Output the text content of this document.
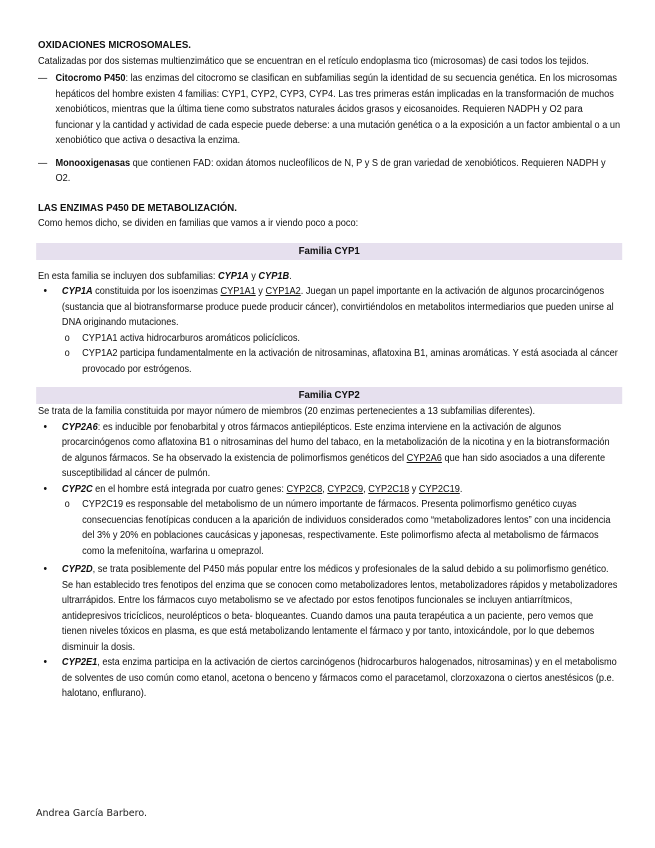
OXIDACIONES MICROSOMALES.

Catalizadas por dos sistemas multienzimático que se encuentran en el retículo endoplasma tico (microsomas) de casi todos los tejidos.

— Citocromo P450: las enzimas del citocromo se clasifican en subfamilias según la identidad de su secuencia genética. En los microsomas hepáticos del hombre existen 4 familias: CYP1, CYP2, CYP3, CYP4. Las tres primeras están implicadas en la transformación de muchos xenobióticos, mientras que la última tiene como substratos naturales ácidos grasos y eicosanoides. Requieren NADPH y O2 para funcionar y la cantidad y actividad de cada especie puede deberse: a una mutación genética o a la exposición a un factor ambiental o a un xenobiótico que activa o desactiva la enzima.
— Monooxigenasas que contienen FAD: oxidan átomos nucleofílicos de N, P y S de gran variedad de xenobióticos. Requieren NADPH y O2.

LAS ENZIMAS P450 DE METABOLIZACIÓN.

Como hemos dicho, se dividen en familias que vamos a ir viendo poco a poco:

Familia CYP1

En esta familia se incluyen dos subfamilias: CYP1A y CYP1B.

• CYP1A constituida por los isoenzimas CYP1A1 y CYP1A2. Juegan un papel importante en la activación de algunos procarcinógenos (sustancia que al biotransformarse produce puede producir cáncer), convirtiéndolos en metabolitos intermediarios que pueden unirse al DNA originando mutaciones.
o CYP1A1 activa hidrocarburos aromáticos policíclicos.
o CYP1A2 participa fundamentalmente en la activación de nitrosaminas, aflatoxina B1, aminas aromáticas. Y está asociada al cáncer provocado por estrógenos.
Familia CYP2

Se trata de la familia constituida por mayor número de miembros (20 enzimas pertenecientes a 13 subfamilias diferentes).

• CYP2A6: es inducible por fenobarbital y otros fármacos antiepilépticos. Este enzima interviene en la activación de algunos procarcinógenos como aflatoxina B1 o nitrosaminas del humo del tabaco, en la metabolización de la nicotina y en la biotransformación de algunos fármacos. Se ha observado la existencia de polimorfismos genéticos del CYP2A6 que han sido asociados a una diferente susceptibilidad al cáncer de pulmón.
• CYP2C en el hombre está integrada por cuatro genes: CYP2C8, CYP2C9, CYP2C18 y CYP2C19.
o CYP2C19 es responsable del metabolismo de un número importante de fármacos. Presenta polimorfismo genético cuyas consecuencias fenotípicas conducen a la aparición de individuos considerados como “metabolizadores lentos” con una incidencia del 3% y 20% en poblaciones caucásicas y japonesas, respectivamente. Este polimorfismo afecta al metabolismo de fármacos como la mefenitoína, warfarina u omeprazol.
• CYP2D, se trata posiblemente del P450 más popular entre los médicos y profesionales de la salud debido a su polimorfismo genético. Se han establecido tres fenotipos del enzima que se conocen como metabolizadores lentos, metabolizadores rápidos y metabolizadores ultrarrápidos. Entre los fármacos cuyo metabolismo se ve afectado por estos fenotipos funcionales se incluyen antiarrítmicos, antidepresivos tricíclicos, neurolépticos o beta- bloqueantes. Cuando damos una pauta terapéutica a un paciente, pero vemos que tienen niveles tóxicos en plasma, es que está metabolizando lentamente el fármaco y por tanto, intoxicándole, por lo que debemos disminuir la dosis.
• CYP2E1, esta enzima participa en la activación de ciertos carcinógenos (hidrocarburos halogenados, nitrosaminas) y en el metabolismo de solventes de uso común como etanol, acetona o benceno y fármacos como el paracetamol, clorzoxazona o ciertos anestésicos (p.e. halotano, enflurano).
Andrea García Barbero.
